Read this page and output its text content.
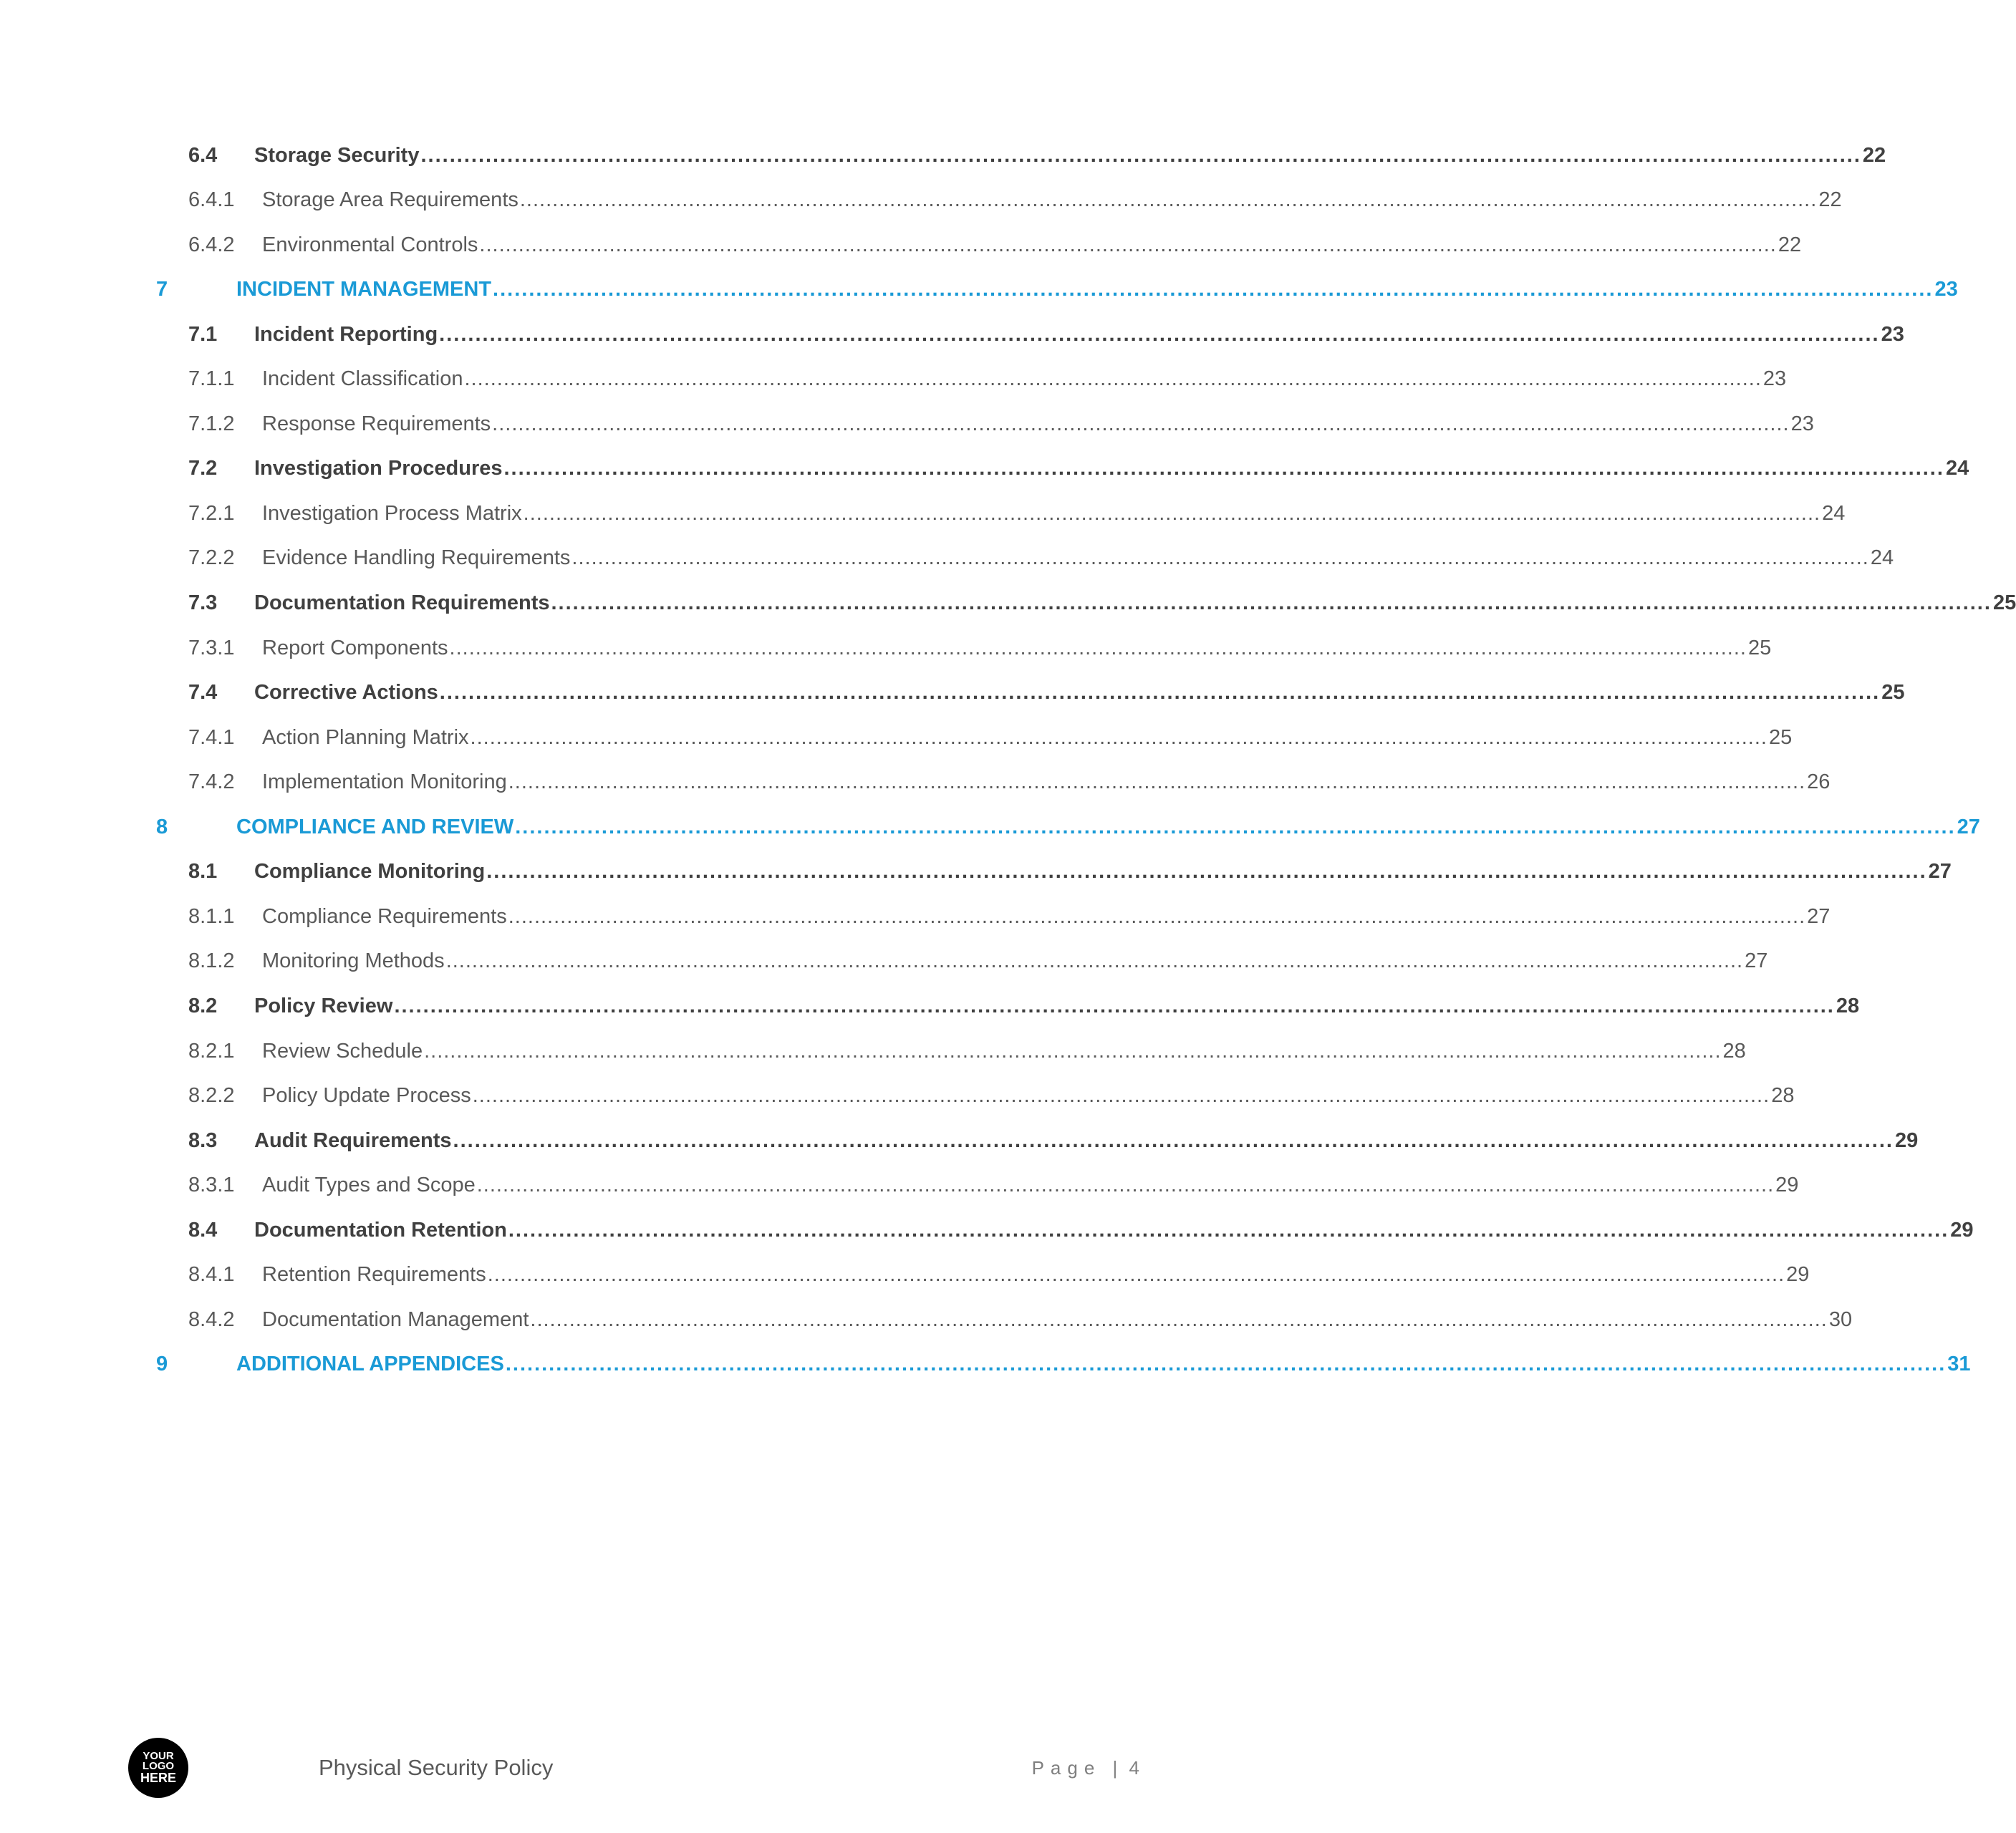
6.4 Storage Security ........................................................................................................................................................................................................ 22
6.4.1 Storage Area Requirements ........................................................................................................................................................................................................ 22
6.4.2 Environmental Controls ........................................................................................................................................................................................................ 22
7	INCIDENT MANAGEMENT ........................................................................................................................................................................................................ 23
7.1 Incident Reporting ........................................................................................................................................................................................................ 23
7.1.1 Incident Classification ........................................................................................................................................................................................................ 23
7.1.2 Response Requirements ........................................................................................................................................................................................................ 23
7.2 Investigation Procedures ........................................................................................................................................................................................................ 24
7.2.1 Investigation Process Matrix ........................................................................................................................................................................................................ 24
7.2.2 Evidence Handling Requirements ........................................................................................................................................................................................................ 24
7.3 Documentation Requirements ........................................................................................................................................................................................................ 25
7.3.1 Report Components ........................................................................................................................................................................................................ 25
7.4 Corrective Actions ........................................................................................................................................................................................................ 25
7.4.1 Action Planning Matrix ........................................................................................................................................................................................................ 25
7.4.2 Implementation Monitoring ........................................................................................................................................................................................................ 26
8	COMPLIANCE AND REVIEW ........................................................................................................................................................................................................ 27
8.1 Compliance Monitoring ........................................................................................................................................................................................................ 27
8.1.1 Compliance Requirements ........................................................................................................................................................................................................ 27
8.1.2 Monitoring Methods ........................................................................................................................................................................................................ 27
8.2 Policy Review ........................................................................................................................................................................................................ 28
8.2.1 Review Schedule ........................................................................................................................................................................................................ 28
8.2.2 Policy Update Process ........................................................................................................................................................................................................ 28
8.3 Audit Requirements ........................................................................................................................................................................................................ 29
8.3.1 Audit Types and Scope ........................................................................................................................................................................................................ 29
8.4 Documentation Retention ........................................................................................................................................................................................................ 29
8.4.1 Retention Requirements ........................................................................................................................................................................................................ 29
8.4.2 Documentation Management ........................................................................................................................................................................................................ 30
9	ADDITIONAL APPENDICES ........................................................................................................................................................................................................ 31
YOUR
LOGO
HERE	Physical Security Policy	Page | 4
